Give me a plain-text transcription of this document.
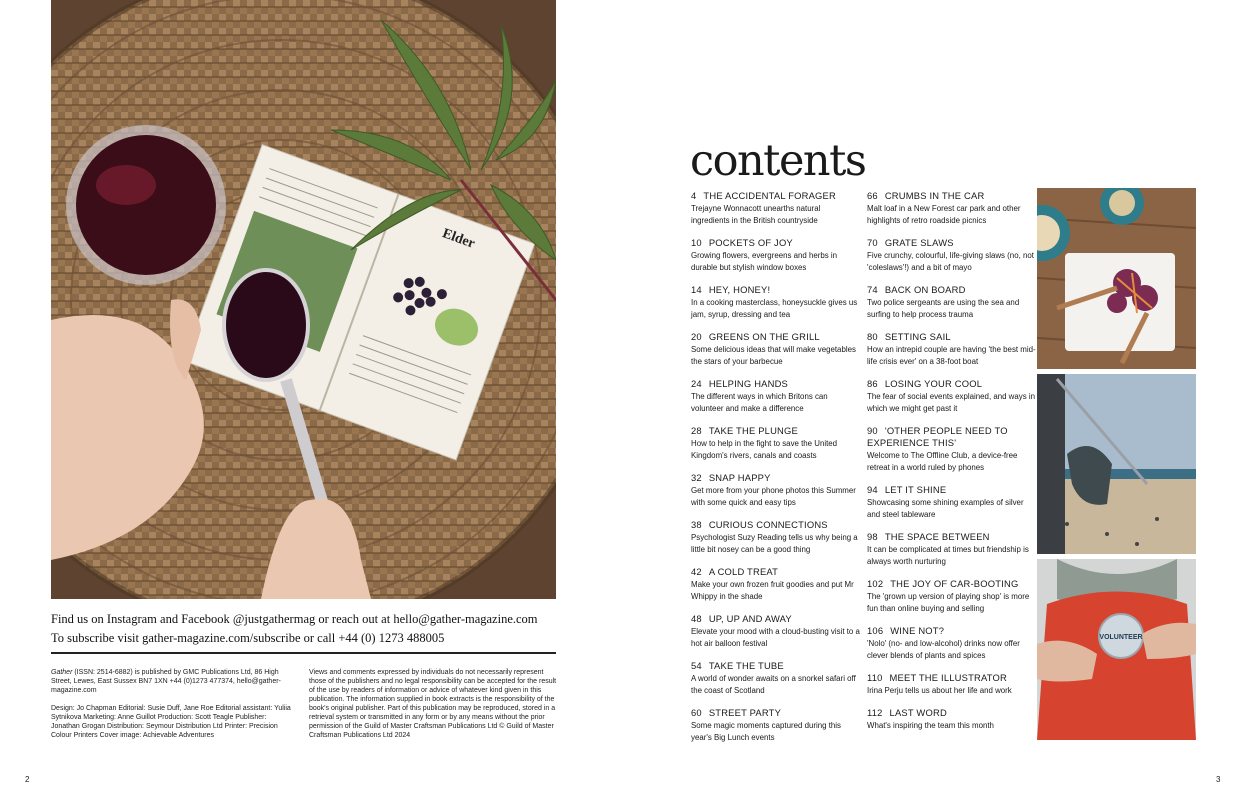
Elder
Find us on Instagram and Facebook @justgathermag or reach out at hello@gather-magazine.com
To subscribe visit gather-magazine.com/subscribe or call +44 (0) 1273 488005

Gather (ISSN: 2514-6882) is published by GMC Publications Ltd, 86 High Street, Lewes, East Sussex BN7 1XN +44 (0)1273 477374, hello@gather-magazine.com

Design: Jo Chapman Editorial: Susie Duff, Jane Roe Editorial assistant: Yuliia Sytnikova Marketing: Anne Guillot Production: Scott Teagle Publisher: Jonathan Grogan Distribution: Seymour Distribution Ltd Printer: Precision Colour Printers Cover image: Achievable Adventures

Views and comments expressed by individuals do not necessarily represent those of the publishers and no legal responsibility can be accepted for the result of the use by readers of information or advice of whatever kind given in this publication. The information supplied in book extracts is the responsibility of the book's original publisher. Part of this publication may be reproduced, stored in a retrieval system or transmitted in any form or by any means without the prior permission of the Guild of Master Craftsman Publications Ltd © Guild of Master Craftsman Publications Ltd 2024
2
contents
4 THE ACCIDENTAL FORAGER
Trejayne Wonnacott unearths natural ingredients in the British countryside
10 POCKETS OF JOY
Growing flowers, evergreens and herbs in durable but stylish window boxes
14 HEY, HONEY!
In a cooking masterclass, honeysuckle gives us jam, syrup, dressing and tea
20 GREENS ON THE GRILL
Some delicious ideas that will make vegetables the stars of your barbecue
24 HELPING HANDS
The different ways in which Britons can volunteer and make a difference
28 TAKE THE PLUNGE
How to help in the fight to save the United Kingdom's rivers, canals and coasts
32 SNAP HAPPY
Get more from your phone photos this Summer with some quick and easy tips
38 CURIOUS CONNECTIONS
Psychologist Suzy Reading tells us why being a little bit nosey can be a good thing
42 A COLD TREAT
Make your own frozen fruit goodies and put Mr Whippy in the shade
48 UP, UP AND AWAY
Elevate your mood with a cloud-busting visit to a hot air balloon festival
54 TAKE THE TUBE
A world of wonder awaits on a snorkel safari off the coast of Scotland
60 STREET PARTY
Some magic moments captured during this year's Big Lunch events
66 CRUMBS IN THE CAR
Malt loaf in a New Forest car park and other highlights of retro roadside picnics
70 GRATE SLAWS
Five crunchy, colourful, life-giving slaws (no, not 'coleslaws'!) and a bit of mayo
74 BACK ON BOARD
Two police sergeants are using the sea and surfing to help process trauma
80 SETTING SAIL
How an intrepid couple are having 'the best mid-life crisis ever' on a 38-foot boat
86 LOSING YOUR COOL
The fear of social events explained, and ways in which we might get past it
90 'OTHER PEOPLE NEED TO EXPERIENCE THIS'
Welcome to The Offline Club, a device-free retreat in a world ruled by phones
94 LET IT SHINE
Showcasing some shining examples of silver and steel tableware
98 THE SPACE BETWEEN
It can be complicated at times but friendship is always worth nurturing
102 THE JOY OF CAR-BOOTING
The 'grown up version of playing shop' is more fun than online buying and selling
106 WINE NOT?
'Nolo' (no- and low-alcohol) drinks now offer clever blends of plants and spices
110 MEET THE ILLUSTRATOR
Irina Perju tells us about her life and work
112 LAST WORD
What's inspiring the team this month
VOLUNTEER
3
